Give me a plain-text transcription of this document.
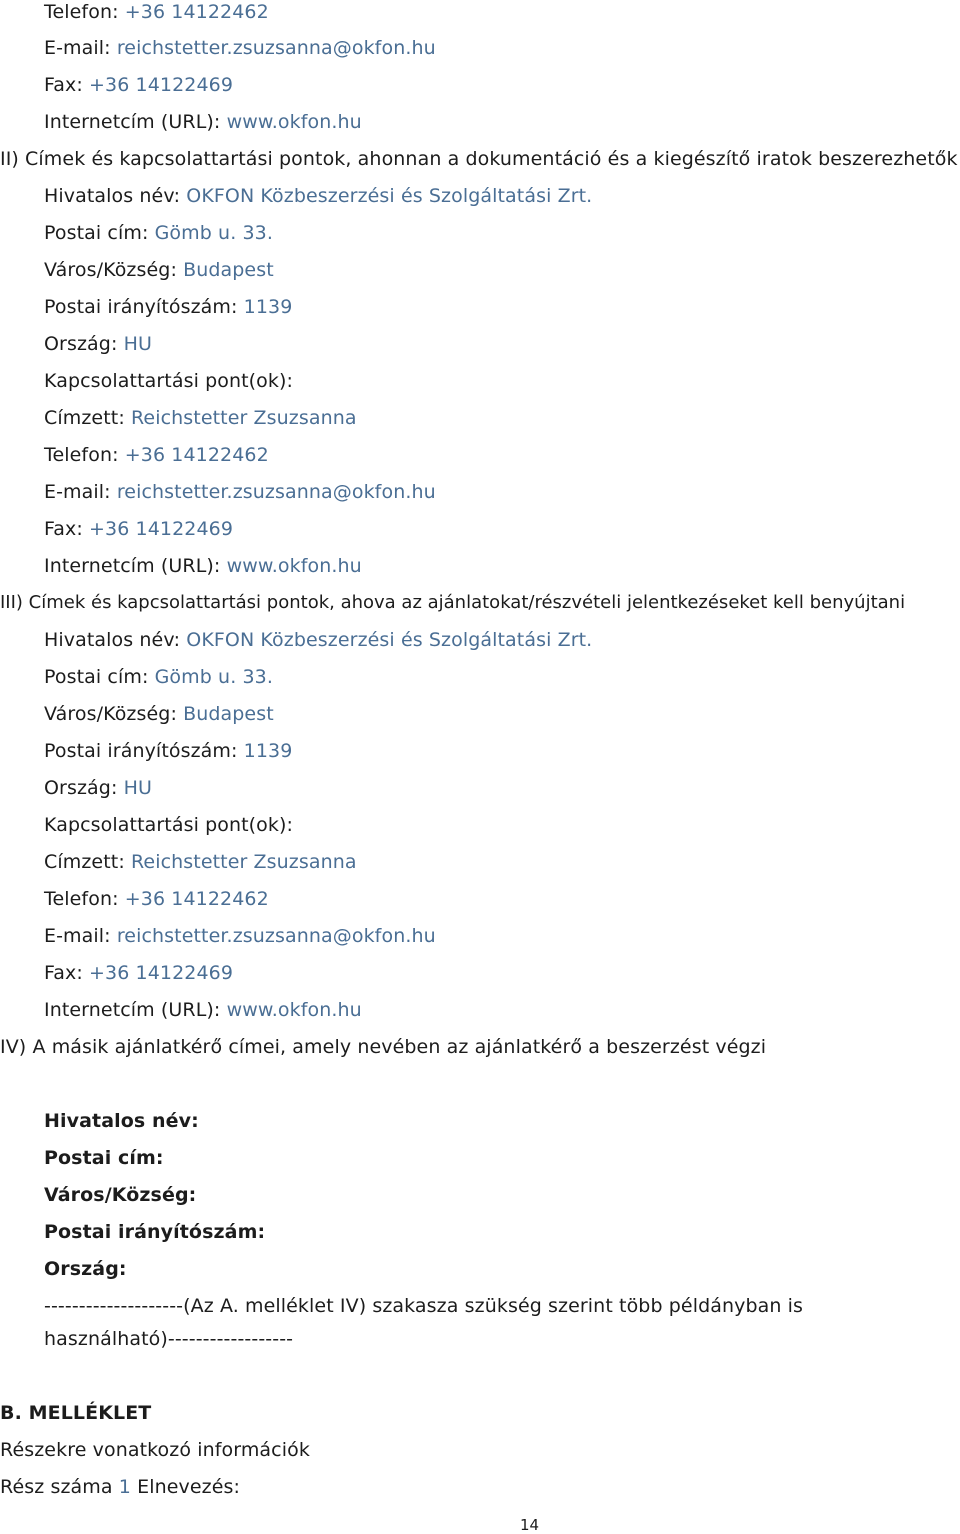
Telefon: +36 14122462
E-mail: reichstetter.zsuzsanna@okfon.hu
Fax: +36 14122469
Internetcím (URL): www.okfon.hu
II) Címek és kapcsolattartási pontok, ahonnan a dokumentáció és a kiegészítő iratok beszerezhetők
Hivatalos név: OKFON Közbeszerzési és Szolgáltatási Zrt.
Postai cím: Gömb u. 33.
Város/Község: Budapest
Postai irányítószám: 1139
Ország: HU
Kapcsolattartási pont(ok):
Címzett: Reichstetter Zsuzsanna
Telefon: +36 14122462
E-mail: reichstetter.zsuzsanna@okfon.hu
Fax: +36 14122469
Internetcím (URL): www.okfon.hu
III) Címek és kapcsolattartási pontok, ahova az ajánlatokat/részvételi jelentkezéseket kell benyújtani
Hivatalos név: OKFON Közbeszerzési és Szolgáltatási Zrt.
Postai cím: Gömb u. 33.
Város/Község: Budapest
Postai irányítószám: 1139
Ország: HU
Kapcsolattartási pont(ok):
Címzett: Reichstetter Zsuzsanna
Telefon: +36 14122462
E-mail: reichstetter.zsuzsanna@okfon.hu
Fax: +36 14122469
Internetcím (URL): www.okfon.hu
IV) A másik ajánlatkérő címei, amely nevében az ajánlatkérő a beszerzést végzi
Hivatalos név:
Postai cím:
Város/Község:
Postai irányítószám:
Ország:
--------------------(Az A. melléklet IV) szakasza szükség szerint több példányban is
használható)------------------
B. MELLÉKLET
Részekre vonatkozó információk
Rész száma 1 Elnevezés:
14
